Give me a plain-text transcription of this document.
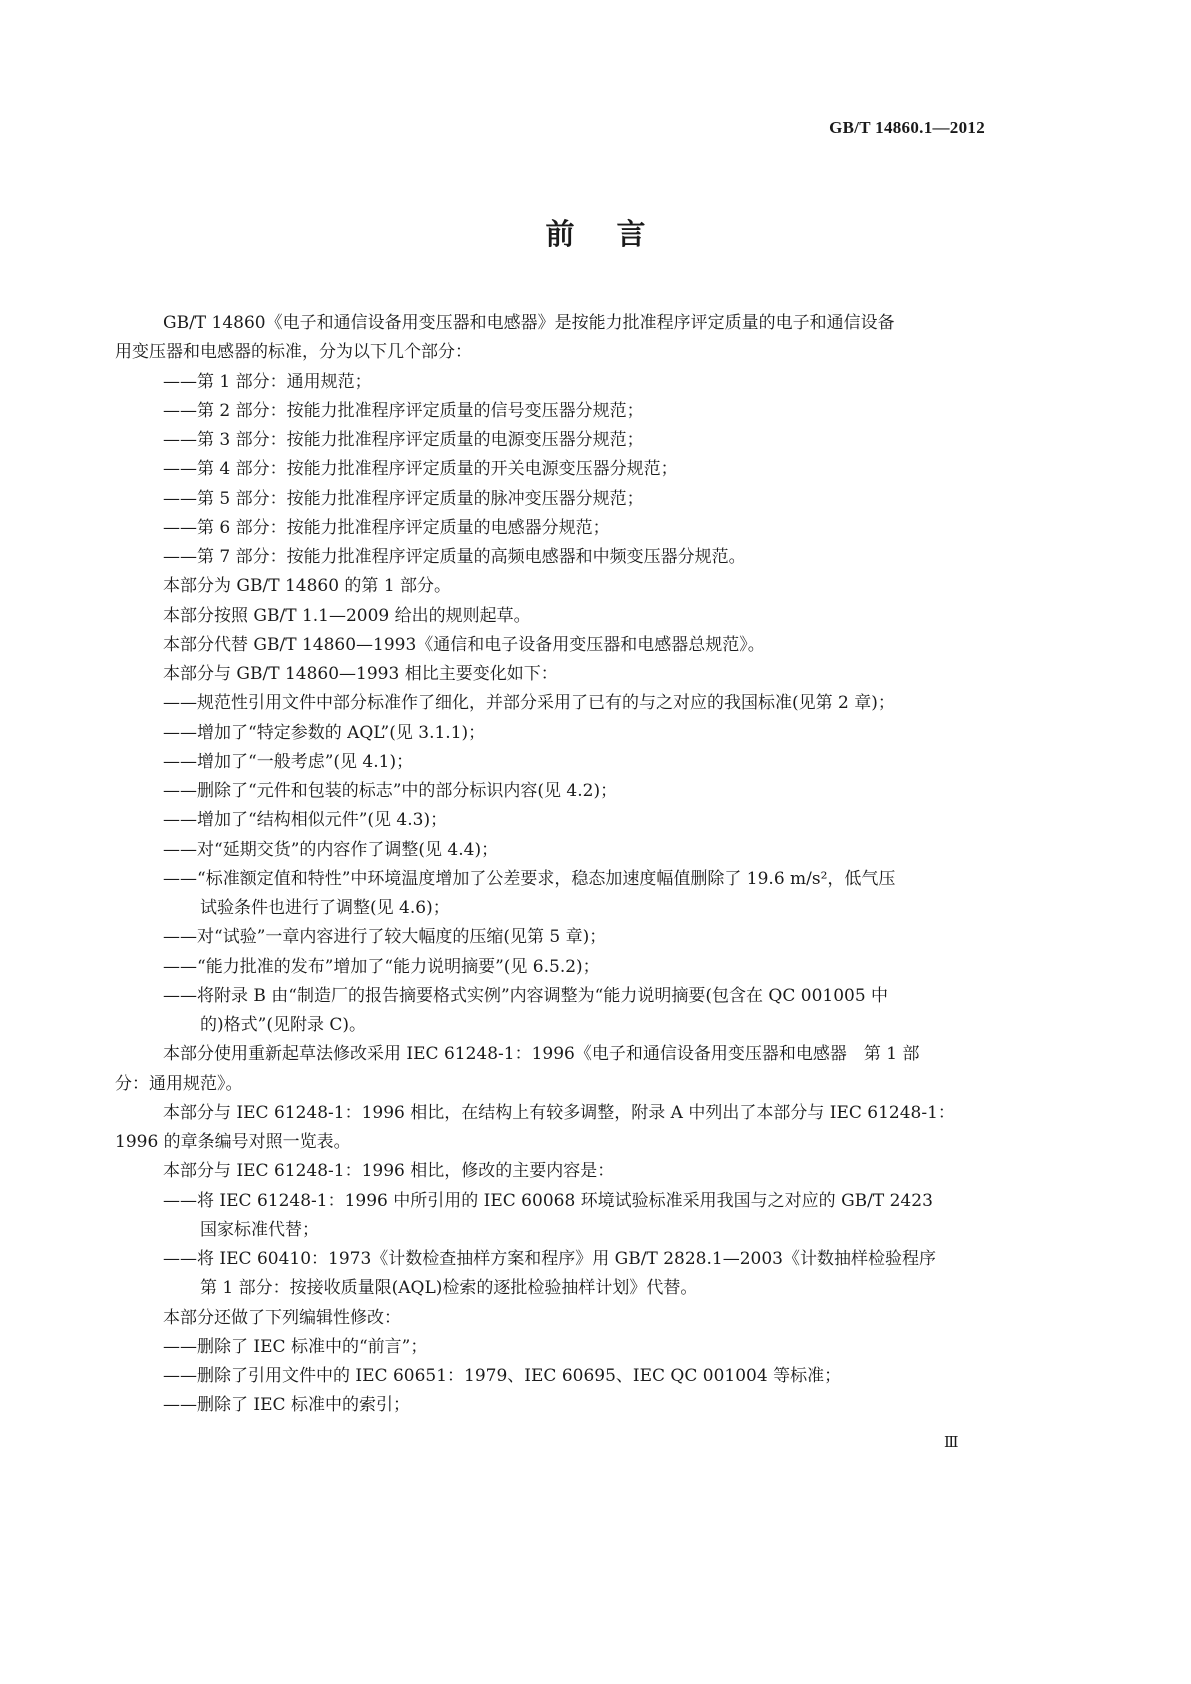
GB/T 14860.1—2012
前言
GB/T 14860《电子和通信设备用变压器和电感器》是按能力批准程序评定质量的电子和通信设备
用变压器和电感器的标准，分为以下几个部分：
——第 1 部分：通用规范；
——第 2 部分：按能力批准程序评定质量的信号变压器分规范；
——第 3 部分：按能力批准程序评定质量的电源变压器分规范；
——第 4 部分：按能力批准程序评定质量的开关电源变压器分规范；
——第 5 部分：按能力批准程序评定质量的脉冲变压器分规范；
——第 6 部分：按能力批准程序评定质量的电感器分规范；
——第 7 部分：按能力批准程序评定质量的高频电感器和中频变压器分规范。
本部分为 GB/T 14860 的第 1 部分。
本部分按照 GB/T 1.1—2009 给出的规则起草。
本部分代替 GB/T 14860—1993《通信和电子设备用变压器和电感器总规范》。
本部分与 GB/T 14860—1993 相比主要变化如下：
——规范性引用文件中部分标准作了细化，并部分采用了已有的与之对应的我国标准(见第 2 章)；
——增加了“特定参数的 AQL”(见 3.1.1)；
——增加了“一般考虑”(见 4.1)；
——删除了“元件和包装的标志”中的部分标识内容(见 4.2)；
——增加了“结构相似元件”(见 4.3)；
——对“延期交货”的内容作了调整(见 4.4)；
——“标准额定值和特性”中环境温度增加了公差要求，稳态加速度幅值删除了 19.6 m/s²，低气压
试验条件也进行了调整(见 4.6)；
——对“试验”一章内容进行了较大幅度的压缩(见第 5 章)；
——“能力批准的发布”增加了“能力说明摘要”(见 6.5.2)；
——将附录 B 由“制造厂的报告摘要格式实例”内容调整为“能力说明摘要(包含在 QC 001005 中
的)格式”(见附录 C)。
本部分使用重新起草法修改采用 IEC 61248-1：1996《电子和通信设备用变压器和电感器　第 1 部
分：通用规范》。
本部分与 IEC 61248-1：1996 相比，在结构上有较多调整，附录 A 中列出了本部分与 IEC 61248-1：
1996 的章条编号对照一览表。
本部分与 IEC 61248-1：1996 相比，修改的主要内容是：
——将 IEC 61248-1：1996 中所引用的 IEC 60068 环境试验标准采用我国与之对应的 GB/T 2423
国家标准代替；
——将 IEC 60410：1973《计数检查抽样方案和程序》用 GB/T 2828.1—2003《计数抽样检验程序
第 1 部分：按接收质量限(AQL)检索的逐批检验抽样计划》代替。
本部分还做了下列编辑性修改：
——删除了 IEC 标准中的“前言”；
——删除了引用文件中的 IEC 60651：1979、IEC 60695、IEC QC 001004 等标准；
——删除了 IEC 标准中的索引；
Ⅲ
